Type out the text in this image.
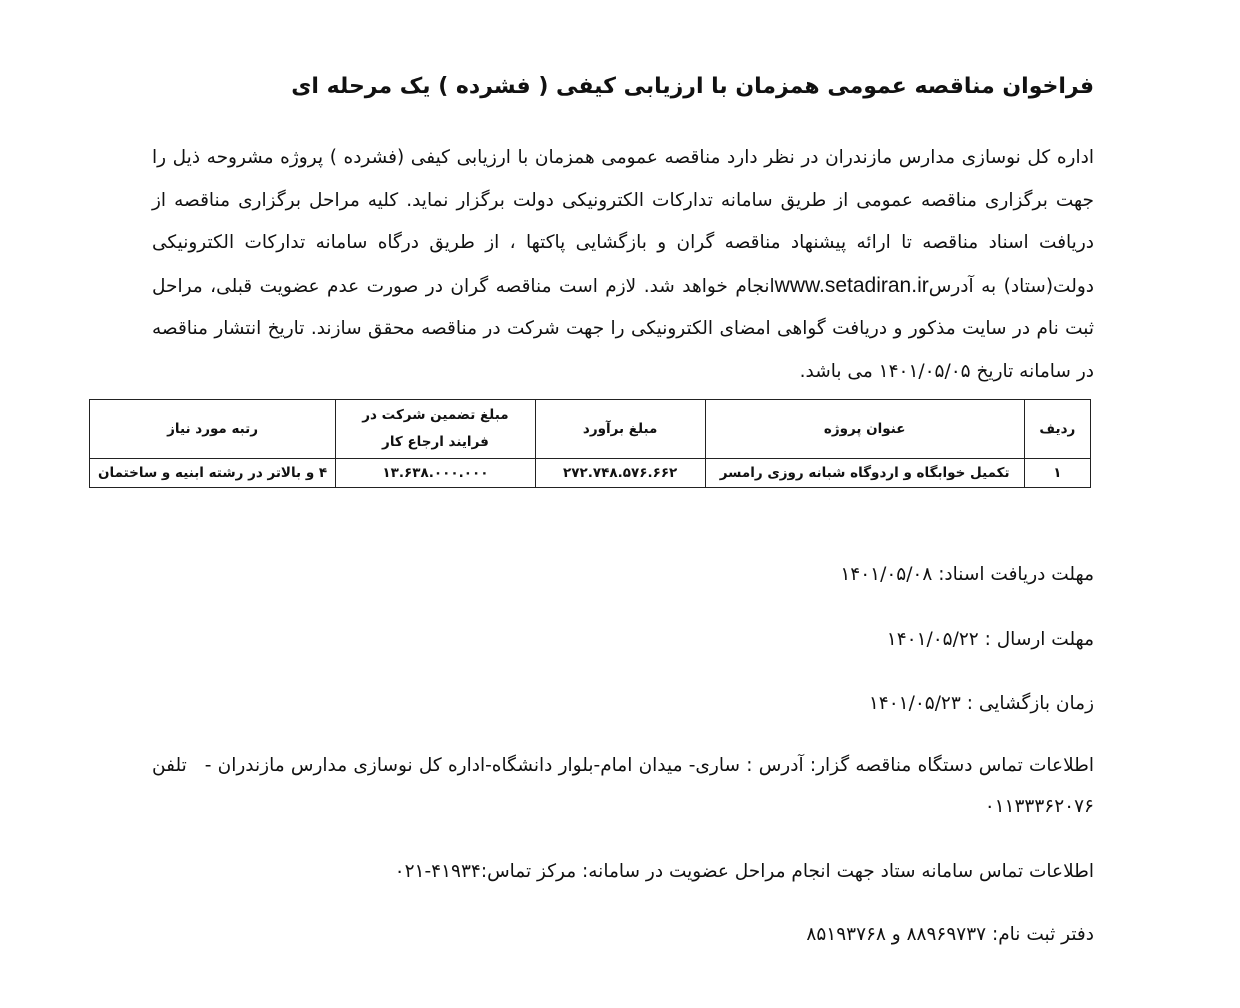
فراخوان مناقصه عمومی همزمان با ارزیابی کیفی ( فشرده ) یک مرحله ای

اداره کل نوسازی مدارس مازندران در نظر دارد مناقصه عمومی همزمان با ارزیابی کیفی (فشرده ) پروژه مشروحه ذیل را جهت برگزاری مناقصه عمومی از طریق سامانه تدارکات الکترونیکی دولت برگزار نماید. کلیه مراحل برگزاری مناقصه از دریافت اسناد مناقصه تا ارائه پیشنهاد مناقصه گران و بازگشایی پاکتها ، از طریق درگاه سامانه تدارکات الکترونیکی دولت(ستاد) به آدرسwww.setadiran.irانجام خواهد شد. لازم است مناقصه گران در صورت عدم عضویت قبلی، مراحل ثبت نام در سایت مذکور و دریافت گواهی امضای الکترونیکی را جهت شرکت در مناقصه محقق سازند. تاریخ انتشار مناقصه در سامانه تاریخ ۱۴۰۱/۰۵/۰۵ می باشد.

ردیف	عنوان پروژه	مبلغ برآورد	مبلغ تضمین شرکت در فرایند ارجاع کار	رتبه مورد نیاز
۱	تکمیل خوابگاه و اردوگاه شبانه روزی رامسر	۲۷۲.۷۴۸.۵۷۶.۶۶۲	۱۳.۶۳۸.۰۰۰.۰۰۰	۴ و بالاتر در رشته ابنیه و ساختمان

مهلت دریافت اسناد: ۱۴۰۱/۰۵/۰۸

مهلت ارسال : ۱۴۰۱/۰۵/۲۲

زمان بازگشایی : ۱۴۰۱/۰۵/۲۳

اطلاعات تماس دستگاه مناقصه گزار: آدرس : ساری- میدان امام-بلوار دانشگاه-اداره کل نوسازی مدارس مازندران -تلفن ۰۱۱۳۳۳۶۲۰۷۶

اطلاعات تماس سامانه ستاد جهت انجام مراحل عضویت در سامانه: مرکز تماس:۰۲۱-۴۱۹۳۴

دفتر ثبت نام: ۸۸۹۶۹۷۳۷ و ۸۵۱۹۳۷۶۸
